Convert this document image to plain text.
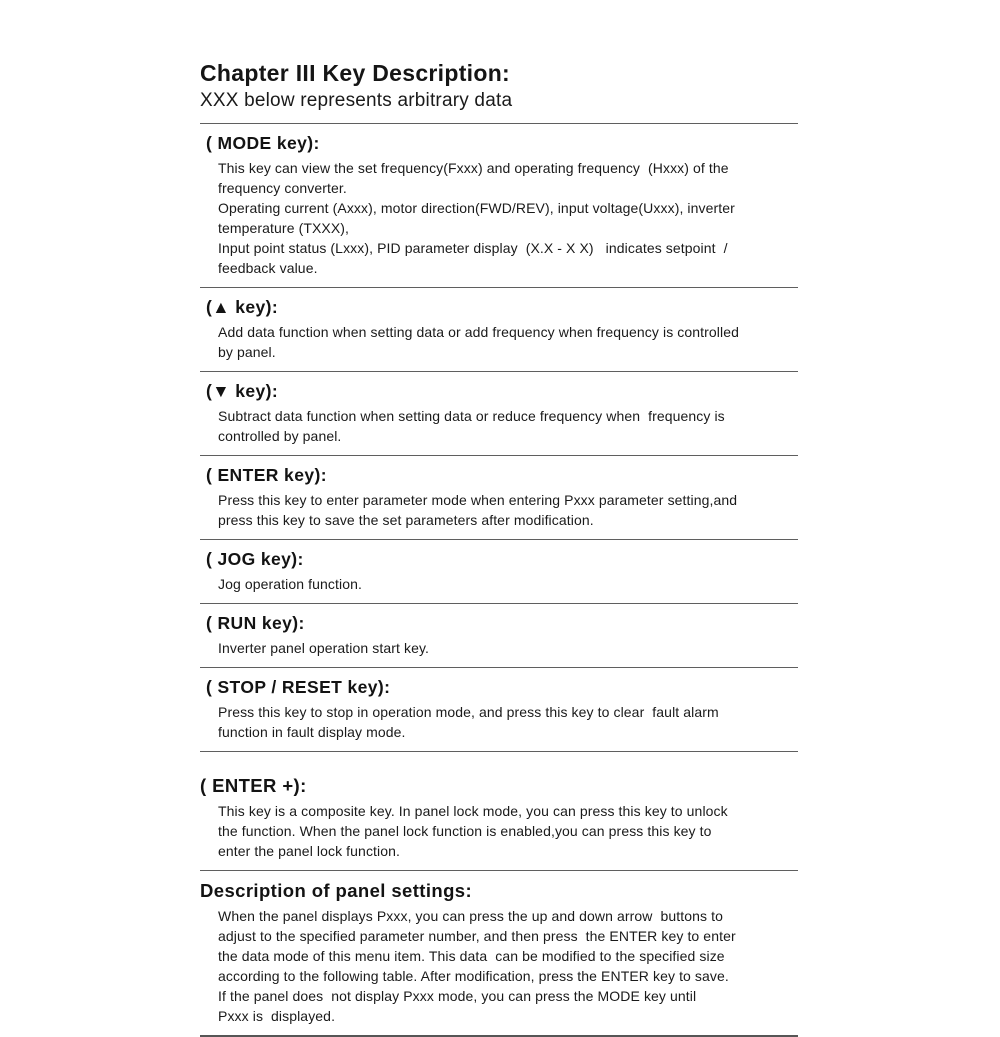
Chapter III Key Description:

XXX below represents arbitrary data

( MODE key):
This key can view the set frequency(Fxxx) and operating frequency  (Hxxx) of the
frequency converter.
Operating current (Axxx), motor direction(FWD/REV), input voltage(Uxxx), inverter
temperature (TXXX),
Input point status (Lxxx), PID parameter display  (X.X - X X)   indicates setpoint  /
feedback value.
(▲ key):
Add data function when setting data or add frequency when frequency is controlled
by panel.
(▼ key):
Subtract data function when setting data or reduce frequency when  frequency is
controlled by panel.
( ENTER key):
Press this key to enter parameter mode when entering Pxxx parameter setting,and
press this key to save the set parameters after modification.
( JOG key):
Jog operation function.
( RUN key):
Inverter panel operation start key.
( STOP / RESET key):
Press this key to stop in operation mode, and press this key to clear  fault alarm
function in fault display mode.
( ENTER +):
This key is a composite key. In panel lock mode, you can press this key to unlock
the function. When the panel lock function is enabled,you can press this key to
enter the panel lock function.
Description of panel settings:
When the panel displays Pxxx, you can press the up and down arrow  buttons to
adjust to the specified parameter number, and then press  the ENTER key to enter
the data mode of this menu item. This data  can be modified to the specified size
according to the following table. After modification, press the ENTER key to save.
If the panel does  not display Pxxx mode, you can press the MODE key until
Pxxx is  displayed.
